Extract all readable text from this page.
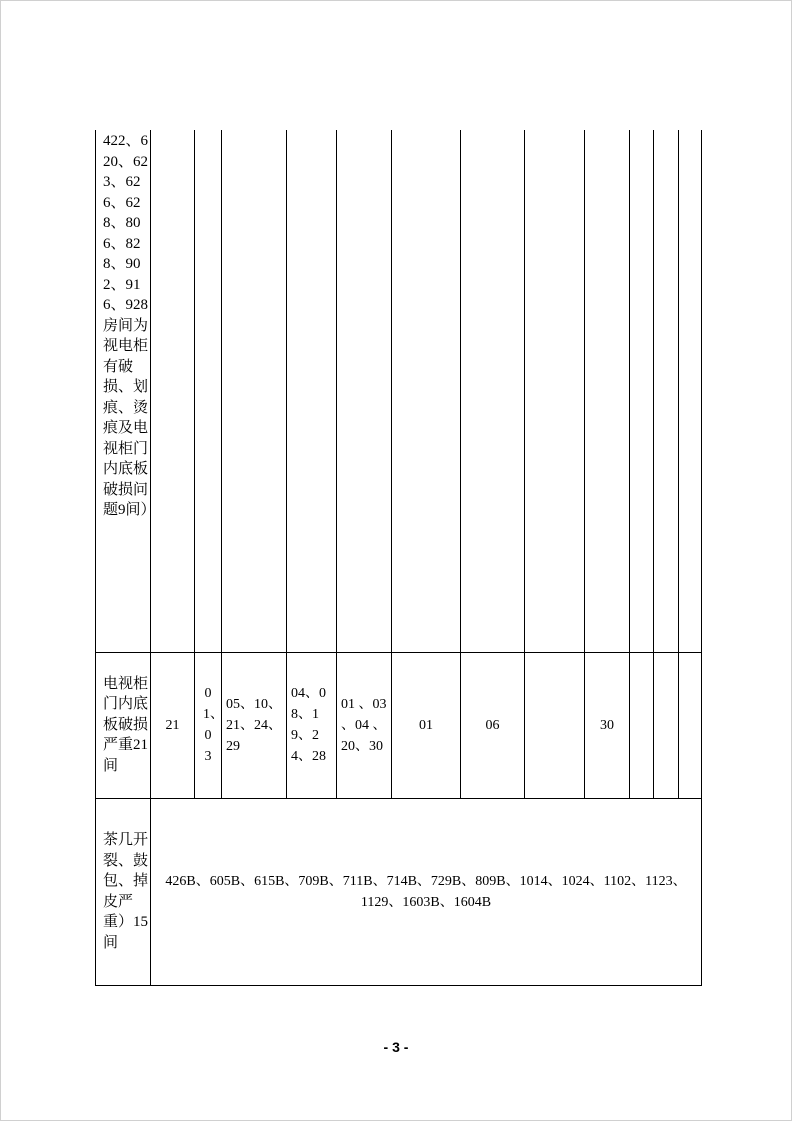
422、620、623、626、628、806、828、902、916、928房间为视电柜有破损、划痕、烫痕及电视柜门内底板破损问题9间）												

电视柜门内底板破损严重21间	21	01、03	05、10、21、24、29	04、08、19、24、28	01 、03 、04 、20、30	01	06		30			

茶几开裂、鼓包、掉皮严重）15间	426B、605B、615B、709B、711B、714B、729B、809B、1014、1024、1102、1123、1129、1603B、1604B											
- 3 -
